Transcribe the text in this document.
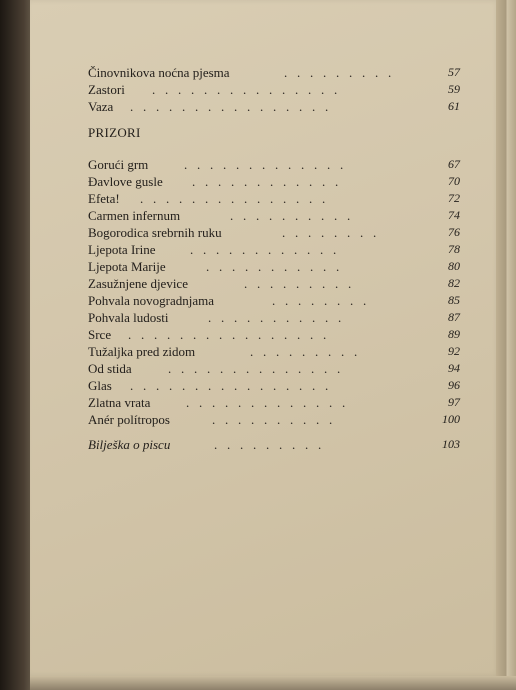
Činovnikova noćna pjesma	.   .   .   .   .   .   .   .   .	57
Zastori .   .   .   .   .   .   .   .   .   .   .   .   .   .   .	59
Vaza .   .   .   .   .   .   .   .   .   .   .   .   .   .   .   .	61
PRIZORI
Gorući grm	.   .   .   .   .   .   .   .   .   .   .   .   .	67
Đavlove gusle .   .   .   .   .   .   .   .   .   .   .   .	70
Efeta! .   .   .   .   .   .   .   .   .   .   .   .   .   .   .	72
Carmen infernum	.   .   .   .   .   .   .   .   .   .	74
Bogorodica srebrnih ruku	.   .   .   .   .   .   .   .	76
Ljepota Irine	.   .   .   .   .   .   .   .   .   .   .   .	78
Ljepota Marije	.   .   .   .   .   .   .   .   .   .   .	80
Zasužnjene djevice	.   .   .   .   .   .   .   .   .	82
Pohvala novogradnjama	.   .   .   .   .   .   .   .	85
Pohvala ludosti	.   .   .   .   .   .   .   .   .   .   .	87
Srce .   .   .   .   .   .   .   .   .   .   .   .   .   .   .   .	89
Tužaljka pred zidom	.   .   .   .   .   .   .   .   .	92
Od stida	.   .   .   .   .   .   .   .   .   .   .   .   .   .	94
Glas .   .   .   .   .   .   .   .   .   .   .   .   .   .   .   .	96
Zlatna vrata	.   .   .   .   .   .   .   .   .   .   .   .   .	97
Anér polítropos	.   .   .   .   .   .   .   .   .   .	100
Bilješka o piscu	.   .   .   .   .   .   .   .   .	103
